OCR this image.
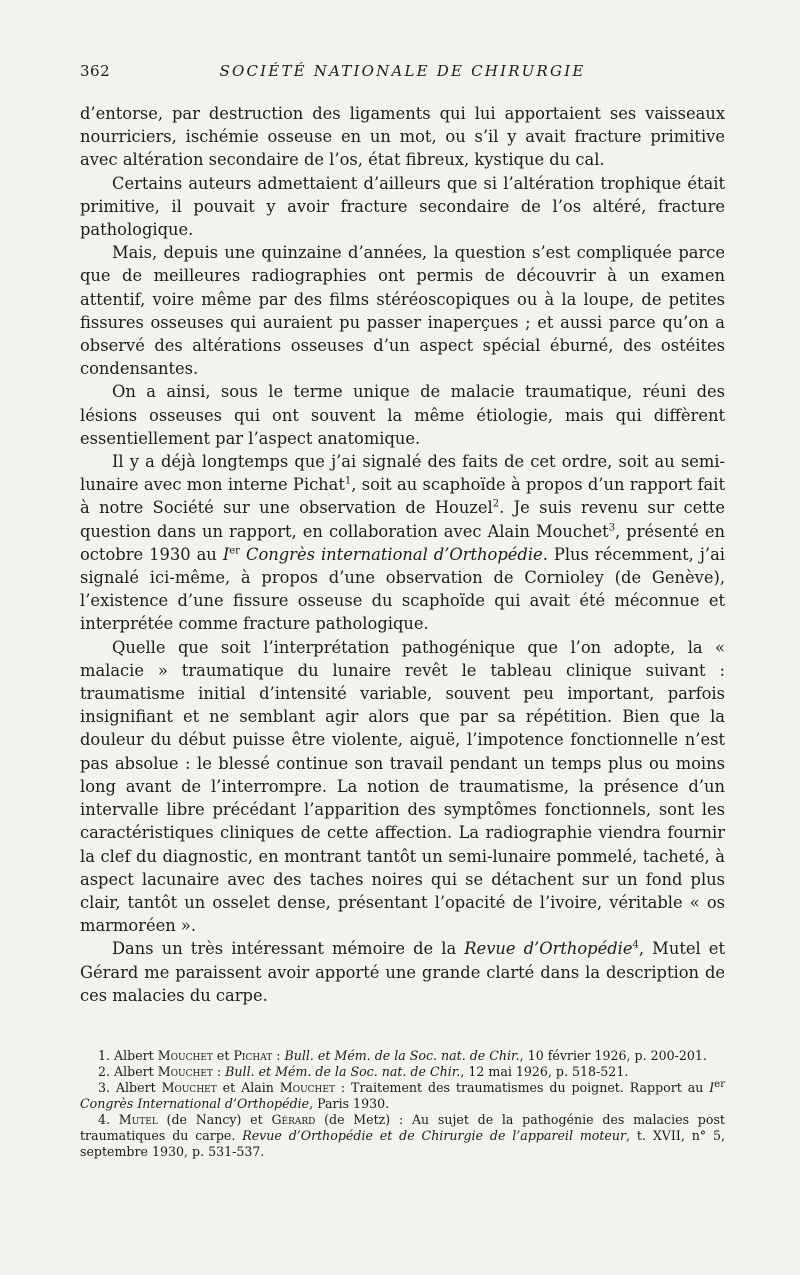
362	SOCIÉTÉ NATIONALE DE CHIRURGIE

d’entorse, par destruction des ligaments qui lui apportaient ses vaisseaux nourriciers, ischémie osseuse en un mot, ou s’il y avait fracture primitive avec altération secondaire de l’os, état fibreux, kystique du cal.

Certains auteurs admettaient d’ailleurs que si l’altération trophique était primitive, il pouvait y avoir fracture secondaire de l’os altéré, fracture pathologique.

Mais, depuis une quinzaine d’années, la question s’est compliquée parce que de meilleures radiographies ont permis de découvrir à un examen attentif, voire même par des films stéréoscopiques ou à la loupe, de petites fissures osseuses qui auraient pu passer inaperçues ; et aussi parce qu’on a observé des altérations osseuses d’un aspect spécial éburné, des ostéites condensantes.

On a ainsi, sous le terme unique de malacie traumatique, réuni des lésions osseuses qui ont souvent la même étiologie, mais qui diffèrent essentiellement par l’aspect anatomique.

Il y a déjà longtemps que j’ai signalé des faits de cet ordre, soit au semi-lunaire avec mon interne Pichat$^1$, soit au scaphoïde à propos d’un rapport fait à notre Société sur une observation de Houzel$^2$. Je suis revenu sur cette question dans un rapport, en collaboration avec Alain Mouchet$^3$, présenté en octobre 1930 au Ier Congrès international d’Orthopédie. Plus récemment, j’ai signalé ici-même, à propos d’une observation de Cornioley (de Genève), l’existence d’une fissure osseuse du scaphoïde qui avait été méconnue et interprétée comme fracture pathologique.

Quelle que soit l’interprétation pathogénique que l’on adopte, la « malacie » traumatique du lunaire revêt le tableau clinique suivant : traumatisme initial d’intensité variable, souvent peu important, parfois insignifiant et ne semblant agir alors que par sa répétition. Bien que la douleur du début puisse être violente, aiguë, l’impotence fonctionnelle n’est pas absolue : le blessé continue son travail pendant un temps plus ou moins long avant de l’interrompre. La notion de traumatisme, la présence d’un intervalle libre précédant l’apparition des symptômes fonctionnels, sont les caractéristiques cliniques de cette affection. La radiographie viendra fournir la clef du diagnostic, en montrant tantôt un semi-lunaire pommelé, tacheté, à aspect lacunaire avec des taches noires qui se détachent sur un fond plus clair, tantôt un osselet dense, présentant l’opacité de l’ivoire, véritable « os marmoréen ».

Dans un très intéressant mémoire de la Revue d’Orthopédie$^4$, Mutel et Gérard me paraissent avoir apporté une grande clarté dans la description de ces malacies du carpe.

1. Albert Mouchet et Pichat : Bull. et Mém. de la Soc. nat. de Chir., 10 février 1926, p. 200-201.

2. Albert Mouchet : Bull. et Mém. de la Soc. nat. de Chir., 12 mai 1926, p. 518-521.

3. Albert Mouchet et Alain Mouchet : Traitement des traumatismes du poignet. Rapport au Ier Congrès International d’Orthopédie, Paris 1930.

4. Mutel (de Nancy) et Gérard (de Metz) : Au sujet de la pathogénie des malacies post traumatiques du carpe. Revue d’Orthopédie et de Chirurgie de l’appareil moteur, t. XVII, n° 5, septembre 1930, p. 531-537.
